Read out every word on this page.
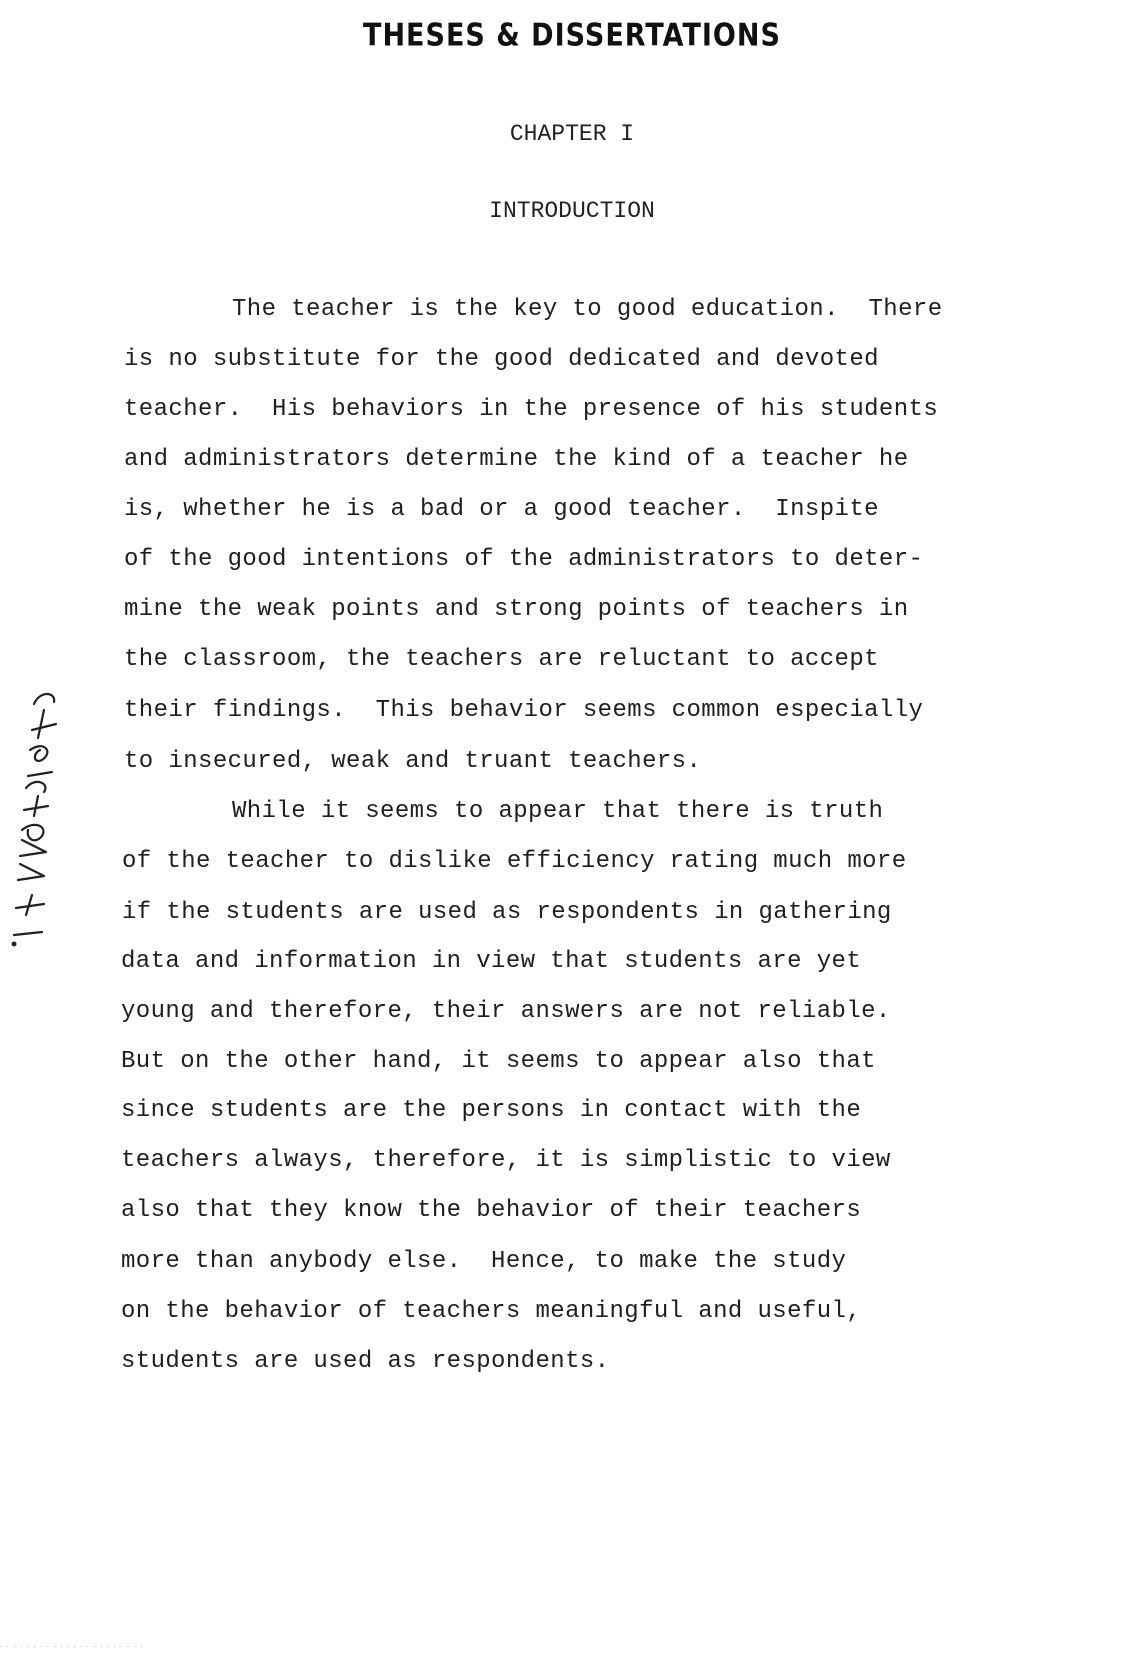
THESES & DISSERTATIONS
CHAPTER I
INTRODUCTION
The teacher is the key to good education.  There
is no substitute for the good dedicated and devoted
teacher.  His behaviors in the presence of his students
and administrators determine the kind of a teacher he
is, whether he is a bad or a good teacher.  Inspite
of the good intentions of the administrators to deter-
mine the weak points and strong points of teachers in
the classroom, the teachers are reluctant to accept
their findings.  This behavior seems common especially
to insecured, weak and truant teachers.
While it seems to appear that there is truth
of the teacher to dislike efficiency rating much more
if the students are used as respondents in gathering
data and information in view that students are yet
young and therefore, their answers are not reliable.
But on the other hand, it seems to appear also that
since students are the persons in contact with the
teachers always, therefore, it is simplistic to view
also that they know the behavior of their teachers
more than anybody else.  Hence, to make the study
on the behavior of teachers meaningful and useful,
students are used as respondents.
·  ·  ·  ·  ·  ·  ·  ·  ·  ·  ·  ·  ·  ·  ·  ·  ·  ·  ·  ·  ·  ·
